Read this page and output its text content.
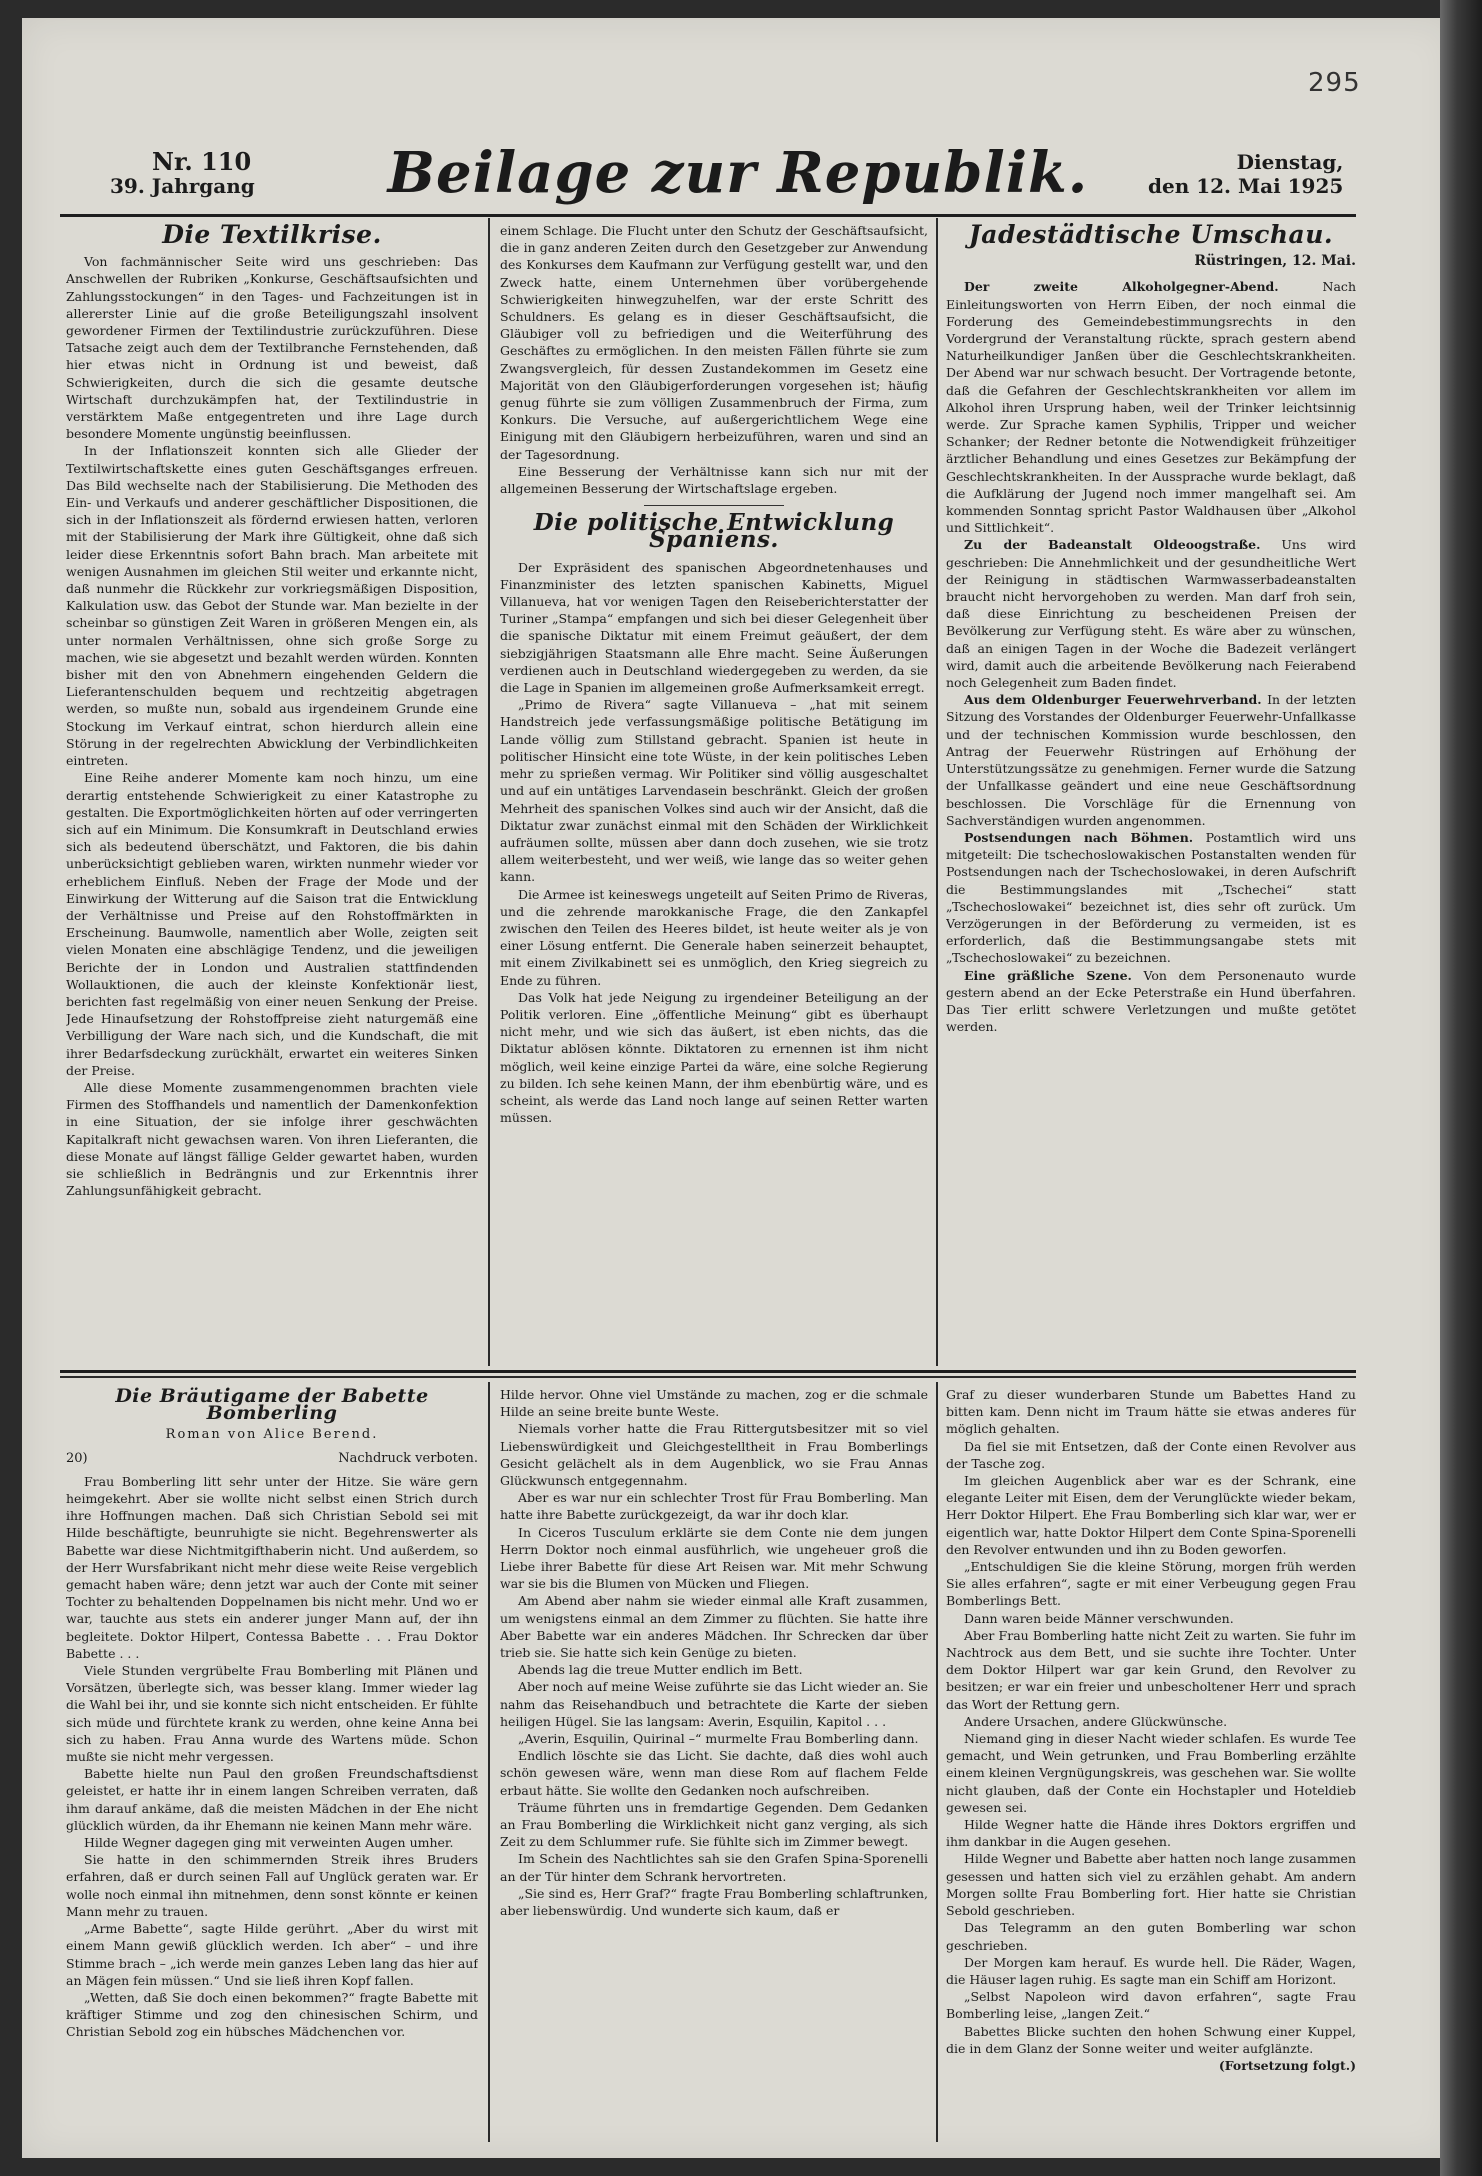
295
Nr. 110
39. Jahrgang	Beilage zur Republik.	Dienstag,
den 12. Mai 1925
Die Textilkrise.

Von fachmännischer Seite wird uns geschrieben: Das Anschwellen der Rubriken „Konkurse, Geschäftsaufsichten und Zahlungsstockungen“ in den Tages- und Fachzeitungen ist in allererster Linie auf die große Beteiligungszahl insolvent gewordener Firmen der Textilindustrie zurückzuführen. Diese Tatsache zeigt auch dem der Textilbranche Fernstehenden, daß hier etwas nicht in Ordnung ist und beweist, daß Schwierigkeiten, durch die sich die gesamte deutsche Wirtschaft durchzukämpfen hat, der Textilindustrie in verstärktem Maße entgegentreten und ihre Lage durch besondere Momente ungünstig beeinflussen.

In der Inflationszeit konnten sich alle Glieder der Textilwirtschaftskette eines guten Geschäftsganges erfreuen. Das Bild wechselte nach der Stabilisierung. Die Methoden des Ein- und Verkaufs und anderer geschäftlicher Dispositionen, die sich in der Inflationszeit als fördernd erwiesen hatten, verloren mit der Stabilisierung der Mark ihre Gültigkeit, ohne daß sich leider diese Erkenntnis sofort Bahn brach. Man arbeitete mit wenigen Ausnahmen im gleichen Stil weiter und erkannte nicht, daß nunmehr die Rückkehr zur vorkriegsmäßigen Disposition, Kalkulation usw. das Gebot der Stunde war. Man bezielte in der scheinbar so günstigen Zeit Waren in größeren Mengen ein, als unter normalen Verhältnissen, ohne sich große Sorge zu machen, wie sie abgesetzt und bezahlt werden würden. Konnten bisher mit den von Abnehmern eingehenden Geldern die Lieferantenschulden bequem und rechtzeitig abgetragen werden, so mußte nun, sobald aus irgendeinem Grunde eine Stockung im Verkauf eintrat, schon hierdurch allein eine Störung in der regelrechten Abwicklung der Verbindlichkeiten eintreten.

Eine Reihe anderer Momente kam noch hinzu, um eine derartig entstehende Schwierigkeit zu einer Katastrophe zu gestalten. Die Exportmöglichkeiten hörten auf oder verringerten sich auf ein Minimum. Die Konsumkraft in Deutschland erwies sich als bedeutend überschätzt, und Faktoren, die bis dahin unberücksichtigt geblieben waren, wirkten nunmehr wieder vor erheblichem Einfluß. Neben der Frage der Mode und der Einwirkung der Witterung auf die Saison trat die Entwicklung der Verhältnisse und Preise auf den Rohstoffmärkten in Erscheinung. Baumwolle, namentlich aber Wolle, zeigten seit vielen Monaten eine abschlägige Tendenz, und die jeweiligen Berichte der in London und Australien stattfindenden Wollauktionen, die auch der kleinste Konfektionär liest, berichten fast regelmäßig von einer neuen Senkung der Preise. Jede Hinaufsetzung der Rohstoffpreise zieht naturgemäß eine Verbilligung der Ware nach sich, und die Kundschaft, die mit ihrer Bedarfsdeckung zurückhält, erwartet ein weiteres Sinken der Preise.

Alle diese Momente zusammengenommen brachten viele Firmen des Stoffhandels und namentlich der Damenkonfektion in eine Situation, der sie infolge ihrer geschwächten Kapitalkraft nicht gewachsen waren. Von ihren Lieferanten, die diese Monate auf längst fällige Gelder gewartet haben, wurden sie schließlich in Bedrängnis und zur Erkenntnis ihrer Zahlungsunfähigkeit gebracht.

einem Schlage. Die Flucht unter den Schutz der Geschäftsaufsicht, die in ganz anderen Zeiten durch den Gesetzgeber zur Anwendung des Konkurses dem Kaufmann zur Verfügung gestellt war, und den Zweck hatte, einem Unternehmen über vorübergehende Schwierigkeiten hinwegzuhelfen, war der erste Schritt des Schuldners. Es gelang es in dieser Geschäftsaufsicht, die Gläubiger voll zu befriedigen und die Weiterführung des Geschäftes zu ermöglichen. In den meisten Fällen führte sie zum Zwangsvergleich, für dessen Zustandekommen im Gesetz eine Majorität von den Gläubigerforderungen vorgesehen ist; häufig genug führte sie zum völligen Zusammenbruch der Firma, zum Konkurs. Die Versuche, auf außergerichtlichem Wege eine Einigung mit den Gläubigern herbeizuführen, waren und sind an der Tagesordnung.

Eine Besserung der Verhältnisse kann sich nur mit der allgemeinen Besserung der Wirtschaftslage ergeben.

Die politische Entwicklung Spaniens.

Der Expräsident des spanischen Abgeordnetenhauses und Finanzminister des letzten spanischen Kabinetts, Miguel Villanueva, hat vor wenigen Tagen den Reiseberichterstatter der Turiner „Stampa“ empfangen und sich bei dieser Gelegenheit über die spanische Diktatur mit einem Freimut geäußert, der dem siebzigjährigen Staatsmann alle Ehre macht. Seine Äußerungen verdienen auch in Deutschland wiedergegeben zu werden, da sie die Lage in Spanien im allgemeinen große Aufmerksamkeit erregt.

„Primo de Rivera“ sagte Villanueva – „hat mit seinem Handstreich jede verfassungsmäßige politische Betätigung im Lande völlig zum Stillstand gebracht. Spanien ist heute in politischer Hinsicht eine tote Wüste, in der kein politisches Leben mehr zu sprießen vermag. Wir Politiker sind völlig ausgeschaltet und auf ein untätiges Larvendasein beschränkt. Gleich der großen Mehrheit des spanischen Volkes sind auch wir der Ansicht, daß die Diktatur zwar zunächst einmal mit den Schäden der Wirklichkeit aufräumen sollte, müssen aber dann doch zusehen, wie sie trotz allem weiterbesteht, und wer weiß, wie lange das so weiter gehen kann.

Die Armee ist keineswegs ungeteilt auf Seiten Primo de Riveras, und die zehrende marokkanische Frage, die den Zankapfel zwischen den Teilen des Heeres bildet, ist heute weiter als je von einer Lösung entfernt. Die Generale haben seinerzeit behauptet, mit einem Zivilkabinett sei es unmöglich, den Krieg siegreich zu Ende zu führen.

Das Volk hat jede Neigung zu irgendeiner Beteiligung an der Politik verloren. Eine „öffentliche Meinung“ gibt es überhaupt nicht mehr, und wie sich das äußert, ist eben nichts, das die Diktatur ablösen könnte. Diktatoren zu ernennen ist ihm nicht möglich, weil keine einzige Partei da wäre, eine solche Regierung zu bilden. Ich sehe keinen Mann, der ihm ebenbürtig wäre, und es scheint, als werde das Land noch lange auf seinen Retter warten müssen.

Jadestädtische Umschau.
Rüstringen, 12. Mai.

Der zweite Alkoholgegner-Abend.	Nach Einleitungsworten von Herrn Eiben, der noch einmal die Forderung des Gemeindebestimmungsrechts in den Vordergrund der Veranstaltung rückte, sprach gestern abend Naturheilkundiger Janßen über die Geschlechtskrankheiten. Der Abend war nur schwach besucht. Der Vortragende betonte, daß die Gefahren der Geschlechtskrankheiten vor allem im Alkohol ihren Ursprung haben, weil der Trinker leichtsinnig werde. Zur Sprache kamen Syphilis, Tripper und weicher Schanker; der Redner betonte die Notwendigkeit frühzeitiger ärztlicher Behandlung und eines Gesetzes zur Bekämpfung der Geschlechtskrankheiten. In der Aussprache wurde beklagt, daß die Aufklärung der Jugend noch immer mangelhaft sei. Am kommenden Sonntag spricht Pastor Waldhausen über „Alkohol und Sittlichkeit“.

Zu der Badeanstalt Oldeoogstraße. Uns wird geschrieben: Die Annehmlichkeit und der gesundheitliche Wert der Reinigung in städtischen Warmwasserbadeanstalten braucht nicht hervorgehoben zu werden. Man darf froh sein, daß diese Einrichtung zu bescheidenen Preisen der Bevölkerung zur Verfügung steht. Es wäre aber zu wünschen, daß an einigen Tagen in der Woche die Badezeit verlängert wird, damit auch die arbeitende Bevölkerung nach Feierabend noch Gelegenheit zum Baden findet.

Aus dem Oldenburger Feuerwehrverband. In der letzten Sitzung des Vorstandes der Oldenburger Feuerwehr-Unfallkasse und der technischen Kommission wurde beschlossen, den Antrag der Feuerwehr Rüstringen auf Erhöhung der Unterstützungssätze zu genehmigen. Ferner wurde die Satzung der Unfallkasse geändert und eine neue Geschäftsordnung beschlossen. Die Vorschläge für die Ernennung von Sachverständigen wurden angenommen.

Postsendungen nach Böhmen. Postamtlich wird uns mitgeteilt: Die tschechoslowakischen Postanstalten wenden für Postsendungen nach der Tschechoslowakei, in deren Aufschrift die Bestimmungslandes mit „Tschechei“ statt „Tschechoslowakei“ bezeichnet ist, dies sehr oft zurück. Um Verzögerungen in der Beförderung zu vermeiden, ist es erforderlich, daß die Bestimmungsangabe stets mit „Tschechoslowakei“ zu bezeichnen.

Eine gräßliche Szene. Von dem Personenauto wurde gestern abend an der Ecke Peterstraße ein Hund überfahren. Das Tier erlitt schwere Verletzungen und mußte getötet werden.

Die Bräutigame der Babette Bomberling
Roman von Alice Berend.
20)	Nachdruck verboten.

Frau Bomberling litt sehr unter der Hitze. Sie wäre gern heimgekehrt. Aber sie wollte nicht selbst einen Strich durch ihre Hoffnungen machen. Daß sich Christian Sebold sei mit Hilde beschäftigte, beunruhigte sie nicht. Begehrenswerter als Babette war diese Nichtmitgifthaberin nicht. Und außerdem, so der Herr Wursfabrikant nicht mehr diese weite Reise vergeblich gemacht haben wäre; denn jetzt war auch der Conte mit seiner Tochter zu behaltenden Doppelnamen bis nicht mehr. Und wo er war, tauchte aus stets ein anderer junger Mann auf, der ihn begleitete. Doktor Hilpert, Contessa Babette . . . Frau Doktor Babette . . .

Viele Stunden vergrübelte Frau Bomberling mit Plänen und Vorsätzen, überlegte sich, was besser klang. Immer wieder lag die Wahl bei ihr, und sie konnte sich nicht entscheiden. Er fühlte sich müde und fürchtete krank zu werden, ohne keine Anna bei sich zu haben. Frau Anna wurde des Wartens müde. Schon mußte sie nicht mehr vergessen.

Babette hielte nun Paul den großen Freundschaftsdienst geleistet, er hatte ihr in einem langen Schreiben verraten, daß ihm darauf ankäme, daß die meisten Mädchen in der Ehe nicht glücklich würden, da ihr Ehemann nie keinen Mann mehr wäre.

Hilde Wegner dagegen ging mit verweinten Augen umher.

Sie hatte in den schimmernden Streik ihres Bruders erfahren, daß er durch seinen Fall auf Unglück geraten war. Er wolle noch einmal ihn mitnehmen, denn sonst könnte er keinen Mann mehr zu trauen.

„Arme Babette“, sagte Hilde gerührt. „Aber du wirst mit einem Mann gewiß glücklich werden. Ich aber“ – und ihre Stimme brach – „ich werde mein ganzes Leben lang das hier auf an Mägen fein müssen.“ Und sie ließ ihren Kopf fallen.

„Wetten, daß Sie doch einen bekommen?“ fragte Babette mit kräftiger Stimme und zog den chinesischen Schirm, und Christian Sebold zog ein hübsches Mädchenchen vor.

Hilde hervor. Ohne viel Umstände zu machen, zog er die schmale Hilde an seine breite bunte Weste.

Niemals vorher hatte die Frau Rittergutsbesitzer mit so viel Liebenswürdigkeit und Gleichgestelltheit in Frau Bomberlings Gesicht gelächelt als in dem Augenblick, wo sie Frau Annas Glückwunsch entgegennahm.

Aber es war nur ein schlechter Trost für Frau Bomberling. Man hatte ihre Babette zurückgezeigt, da war ihr doch klar.

In Ciceros Tusculum erklärte sie dem Conte nie dem jungen Herrn Doktor noch einmal ausführlich, wie ungeheuer groß die Liebe ihrer Babette für diese Art Reisen war. Mit mehr Schwung war sie bis die Blumen von Mücken und Fliegen.

Am Abend aber nahm sie wieder einmal alle Kraft zusammen, um wenigstens einmal an dem Zimmer zu flüchten. Sie hatte ihre Aber Babette war ein anderes Mädchen. Ihr Schrecken dar über trieb sie. Sie hatte sich kein Genüge zu bieten.

Abends lag die treue Mutter endlich im Bett.

Aber noch auf meine Weise zuführte sie das Licht wieder an. Sie nahm das Reisehandbuch und betrachtete die Karte der sieben heiligen Hügel. Sie las langsam: Averin, Esquilin, Kapitol . . .

„Averin, Esquilin, Quirinal –“ murmelte Frau Bomberling dann.

Endlich löschte sie das Licht. Sie dachte, daß dies wohl auch schön gewesen wäre, wenn man diese Rom auf flachem Felde erbaut hätte. Sie wollte den Gedanken noch aufschreiben.

Träume führten uns in fremdartige Gegenden. Dem Gedanken an Frau Bomberling die Wirklichkeit nicht ganz verging, als sich Zeit zu dem Schlummer rufe. Sie fühlte sich im Zimmer bewegt.

Im Schein des Nachtlichtes sah sie den Grafen Spina-Sporenelli an der Tür hinter dem Schrank hervortreten.

„Sie sind es, Herr Graf?“ fragte Frau Bomberling schlaftrunken, aber liebenswürdig. Und wunderte sich kaum, daß er

Graf zu dieser wunderbaren Stunde um Babettes Hand zu bitten kam. Denn nicht im Traum hätte sie etwas anderes für möglich gehalten.

Da fiel sie mit Entsetzen, daß der Conte einen Revolver aus der Tasche zog.

Im gleichen Augenblick aber war es der Schrank, eine elegante Leiter mit Eisen, dem der Verunglückte wieder bekam, Herr Doktor Hilpert. Ehe Frau Bomberling sich klar war, wer er eigentlich war, hatte Doktor Hilpert dem Conte Spina-Sporenelli den Revolver entwunden und ihn zu Boden geworfen.

„Entschuldigen Sie die kleine Störung, morgen früh werden Sie alles erfahren“, sagte er mit einer Verbeugung gegen Frau Bomberlings Bett.

Dann waren beide Männer verschwunden.

Aber Frau Bomberling hatte nicht Zeit zu warten. Sie fuhr im Nachtrock aus dem Bett, und sie suchte ihre Tochter. Unter dem Doktor Hilpert war gar kein Grund, den Revolver zu besitzen; er war ein freier und unbescholtener Herr und sprach das Wort der Rettung gern.

Andere Ursachen, andere Glückwünsche.

Niemand ging in dieser Nacht wieder schlafen. Es wurde Tee gemacht, und Wein getrunken, und Frau Bomberling erzählte einem kleinen Vergnügungskreis, was geschehen war. Sie wollte nicht glauben, daß der Conte ein Hochstapler und Hoteldieb gewesen sei.

Hilde Wegner hatte die Hände ihres Doktors ergriffen und ihm dankbar in die Augen gesehen.

Hilde Wegner und Babette aber hatten noch lange zusammen gesessen und hatten sich viel zu erzählen gehabt. Am andern Morgen sollte Frau Bomberling fort. Hier hatte sie Christian Sebold geschrieben.

Das Telegramm an den guten Bomberling war schon geschrieben.

Der Morgen kam herauf. Es wurde hell. Die Räder, Wagen, die Häuser lagen ruhig. Es sagte man ein Schiff am Horizont.

„Selbst Napoleon wird davon erfahren“, sagte Frau Bomberling leise, „langen Zeit.“

Babettes Blicke suchten den hohen Schwung einer Kuppel, die in dem Glanz der Sonne weiter und weiter aufglänzte.

(Fortsetzung folgt.)
